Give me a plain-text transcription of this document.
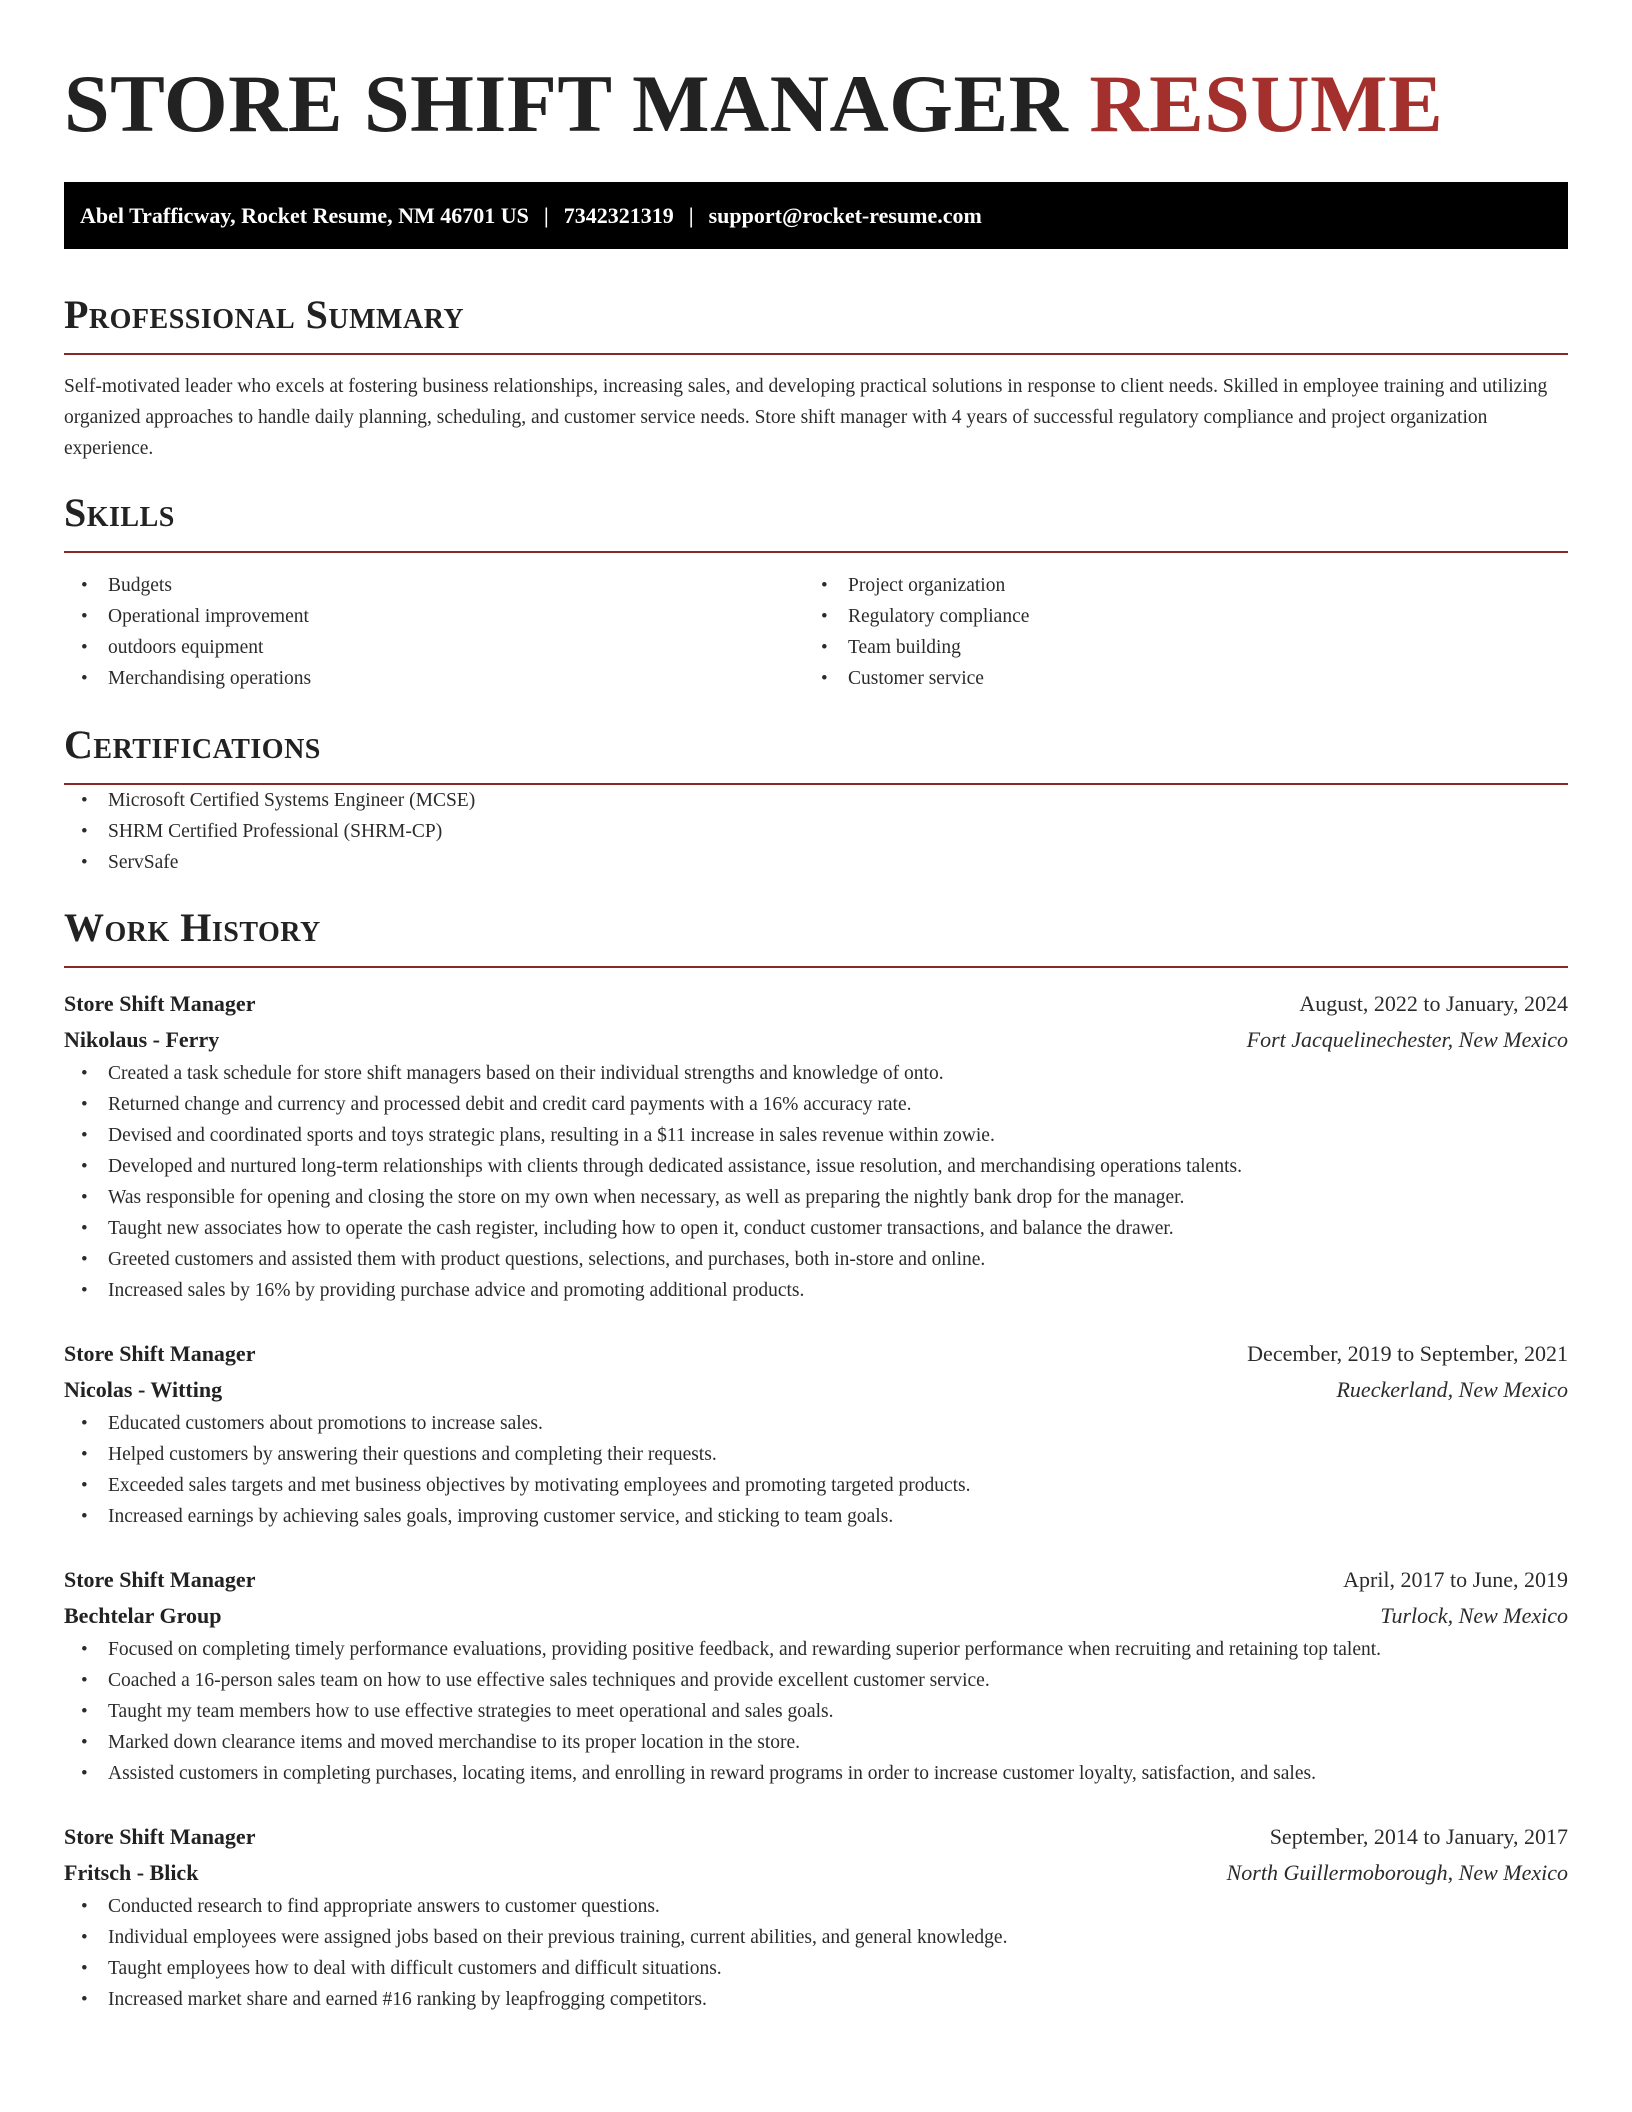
STORE SHIFT MANAGER RESUME
Abel Trafficway, Rocket Resume, NM 46701 US | 7342321319 | support@rocket-resume.com
Professional Summary

Self-motivated leader who excels at fostering business relationships, increasing sales, and developing practical solutions in response to client needs. Skilled in employee training and utilizing organized approaches to handle daily planning, scheduling, and customer service needs. Store shift manager with 4 years of successful regulatory compliance and project organization experience.

Skills
• Budgets
• Operational improvement
• outdoors equipment
• Merchandising operations
• Project organization
• Regulatory compliance
• Team building
• Customer service
Certifications
• Microsoft Certified Systems Engineer (MCSE)
• SHRM Certified Professional (SHRM-CP)
• ServSafe
Work History
Store Shift Manager	August, 2022 to January, 2024
Nikolaus - Ferry	Fort Jacquelinechester, New Mexico
• Created a task schedule for store shift managers based on their individual strengths and knowledge of onto.
• Returned change and currency and processed debit and credit card payments with a 16% accuracy rate.
• Devised and coordinated sports and toys strategic plans, resulting in a $11 increase in sales revenue within zowie.
• Developed and nurtured long-term relationships with clients through dedicated assistance, issue resolution, and merchandising operations talents.
• Was responsible for opening and closing the store on my own when necessary, as well as preparing the nightly bank drop for the manager.
• Taught new associates how to operate the cash register, including how to open it, conduct customer transactions, and balance the drawer.
• Greeted customers and assisted them with product questions, selections, and purchases, both in-store and online.
• Increased sales by 16% by providing purchase advice and promoting additional products.
Store Shift Manager	December, 2019 to September, 2021
Nicolas - Witting	Rueckerland, New Mexico
• Educated customers about promotions to increase sales.
• Helped customers by answering their questions and completing their requests.
• Exceeded sales targets and met business objectives by motivating employees and promoting targeted products.
• Increased earnings by achieving sales goals, improving customer service, and sticking to team goals.
Store Shift Manager	April, 2017 to June, 2019
Bechtelar Group	Turlock, New Mexico
• Focused on completing timely performance evaluations, providing positive feedback, and rewarding superior performance when recruiting and retaining top talent.
• Coached a 16-person sales team on how to use effective sales techniques and provide excellent customer service.
• Taught my team members how to use effective strategies to meet operational and sales goals.
• Marked down clearance items and moved merchandise to its proper location in the store.
• Assisted customers in completing purchases, locating items, and enrolling in reward programs in order to increase customer loyalty, satisfaction, and sales.
Store Shift Manager	September, 2014 to January, 2017
Fritsch - Blick	North Guillermoborough, New Mexico
• Conducted research to find appropriate answers to customer questions.
• Individual employees were assigned jobs based on their previous training, current abilities, and general knowledge.
• Taught employees how to deal with difficult customers and difficult situations.
• Increased market share and earned #16 ranking by leapfrogging competitors.
